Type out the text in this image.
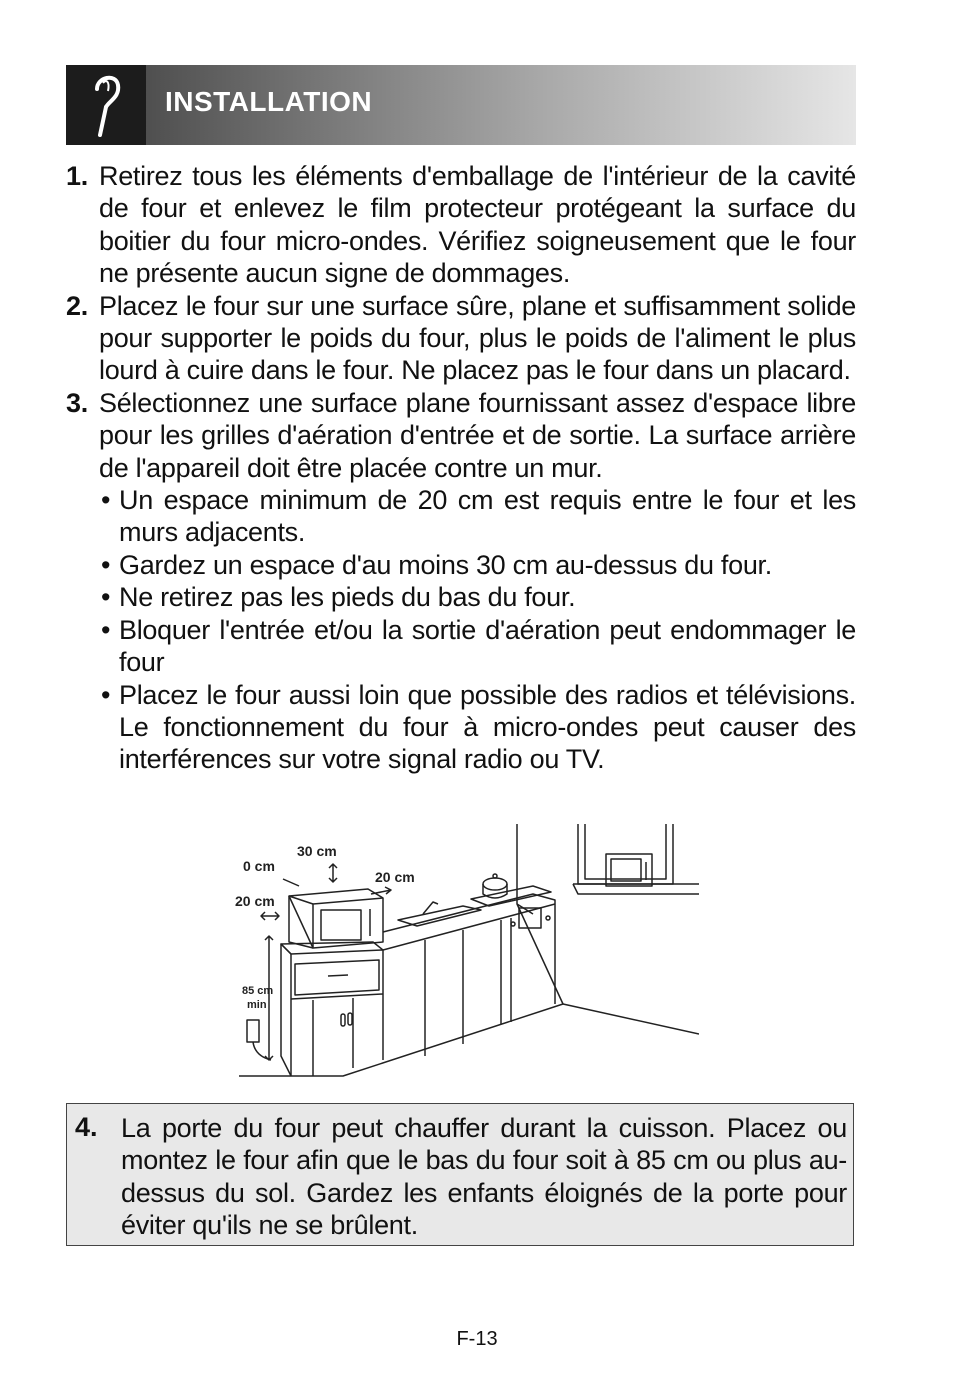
INSTALLATION
1. Retirez tous les éléments d'emballage de l'intérieur de la cavité de four et enlevez le film protecteur protégeant la surface du boitier du four micro-ondes. Vérifiez soigneusement que le four ne présente aucun signe de dommages.
2. Placez le four sur une surface sûre, plane et suffisamment solide pour supporter le poids du four, plus le poids de l'aliment le plus lourd à cuire dans le four. Ne placez pas le four dans un placard.
3. Sélectionnez une surface plane fournissant assez d'espace libre pour les grilles d'aération d'entrée et de sortie. La surface arrière de l'appareil doit être placée contre un mur.
• Un espace minimum de 20 cm est requis entre le four et les murs adjacents.
• Gardez un espace d'au moins 30 cm au-dessus du four.
• Ne retirez pas les pieds du bas du four.
• Bloquer l'entrée et/ou la sortie d'aération peut endommager le four
• Placez le four aussi loin que possible des radios et télévisions. Le fonctionnement du four à micro-ondes peut causer des interférences sur votre signal radio ou TV.
30 cm
0 cm
20 cm
20 cm
85 cm
min
4. La porte du four peut chauffer durant la cuisson. Placez ou montez le four afin que le bas du four soit à 85 cm ou plus au-dessus du sol. Gardez les enfants éloignés de la porte pour éviter qu'ils ne se brûlent.
F-13
